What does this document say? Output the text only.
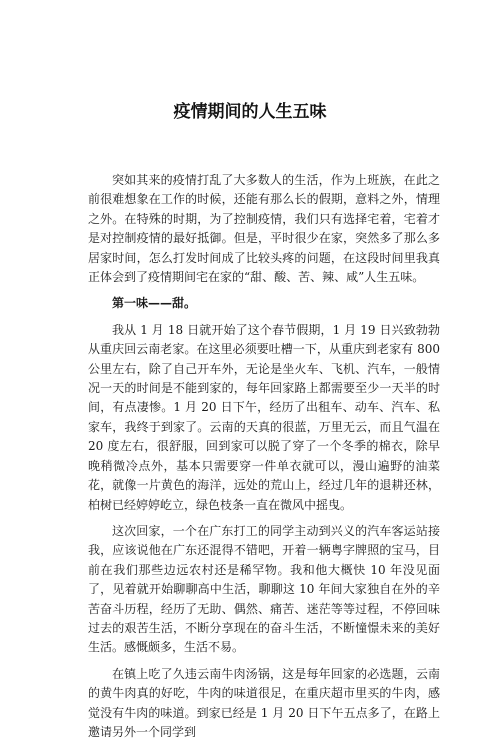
疫情期间的人生五味

突如其来的疫情打乱了大多数人的生活，作为上班族，在此之前很难想象在工作的时候，还能有那么长的假期，意料之外，情理之外。在特殊的时期，为了控制疫情，我们只有选择宅着，宅着才是对控制疫情的最好抵御。但是，平时很少在家，突然多了那么多居家时间，怎么打发时间成了比较头疼的问题，在这段时间里我真正体会到了疫情期间宅在家的“甜、酸、苦、辣、咸”人生五味。

第一味——甜。

我从 1 月 18 日就开始了这个春节假期，1 月 19 日兴致勃勃从重庆回云南老家。在这里必须要吐槽一下，从重庆到老家有 800 公里左右，除了自己开车外，无论是坐火车、飞机、汽车，一般情况一天的时间是不能到家的，每年回家路上都需要至少一天半的时间，有点凄惨。1 月 20 日下午，经历了出租车、动车、汽车、私家车，我终于到家了。云南的天真的很蓝，万里无云，而且气温在 20 度左右，很舒服，回到家可以脱了穿了一个冬季的棉衣，除早晚稍微冷点外，基本只需要穿一件单衣就可以，漫山遍野的油菜花，就像一片黄色的海洋，远处的荒山上，经过几年的退耕还林，柏树已经婷婷屹立，绿色枝条一直在微风中摇曳。

这次回家，一个在广东打工的同学主动到兴义的汽车客运站接我，应该说他在广东还混得不错吧，开着一辆粤字牌照的宝马，目前在我们那些边远农村还是稀罕物。我和他大概快 10 年没见面了，见着就开始聊聊高中生活，聊聊这 10 年间大家独自在外的辛苦奋斗历程，经历了无助、偶然、痛苦、迷茫等等过程，不停回味过去的艰苦生活，不断分享现在的奋斗生活，不断憧憬未来的美好生活。感慨颇多，生活不易。

在镇上吃了久违云南牛肉汤锅，这是每年回家的必选题，云南的黄牛肉真的好吃，牛肉的味道很足，在重庆超市里买的牛肉，感觉没有牛肉的味道。到家已经是 1 月 20 日下午五点多了，在路上邀请另外一个同学到
